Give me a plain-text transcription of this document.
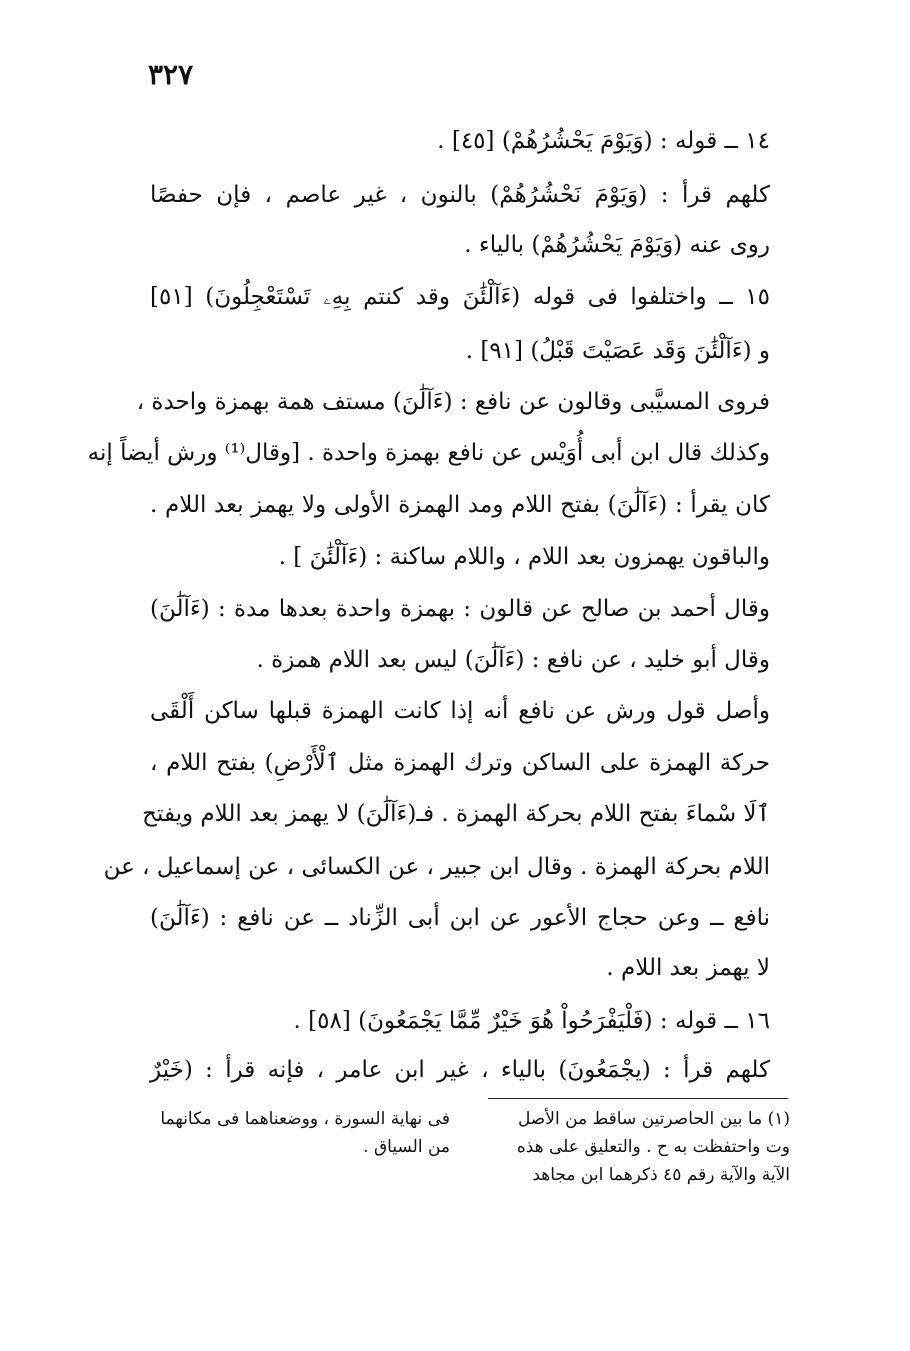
٣٢٧
١٤ ــ قوله : (وَيَوْمَ يَحْشُرُهُمْ) [٤٥] .
كلهم قرأ : (وَيَوْمَ نَحْشُرُهُمْ) بالنون ، غير عاصم ، فإن حفصًا
روى عنه (وَيَوْمَ يَحْشُرُهُمْ) بالياء .
١٥ ــ واختلفوا فى قوله (ءَآلْئَٰنَ وقد كنتم بِهِۦ تَسْتَعْجِلُونَ) [٥١]
و (ءَآلْئَٰنَ وَقَد عَصَيْتَ قَبْلُ) [٩١] .
فروى المسيَّبى وقالون عن نافع : (ءَآلَٰنَ) مستف همة بهمزة واحدة ،
وكذلك قال ابن أبى أُوَيْس عن نافع بهمزة واحدة . [وقال⁽¹⁾ ورش أيضاً إنه
كان يقرأ : (ءَآلَٰنَ) بفتح اللام ومد الهمزة الأولى ولا يهمز بعد اللام .
والباقون يهمزون بعد اللام ، واللام ساكنة : (ءَآلْئَٰنَ ] .
وقال أحمد بن صالح عن قالون : بهمزة واحدة بعدها مدة : (ءَآلَٰنَ)
وقال أبو خليد ، عن نافع : (ءَآلَٰنَ) ليس بعد اللام همزة .
وأصل قول ورش عن نافع أنه إذا كانت الهمزة قبلها ساكن أَلْقَى
حركة الهمزة على الساكن وترك الهمزة مثل ٱلْأَرْضِ) بفتح اللام ،
ٱلَا سْماءَ بفتح اللام بحركة الهمزة . فـ(ءَآلَٰنَ) لا يهمز بعد اللام ويفتح
اللام بحركة الهمزة . وقال ابن جبير ، عن الكسائى ، عن إسماعيل ، عن
نافع ــ وعن حجاج الأعور عن ابن أبى الزِّناد ــ عن نافع : (ءَآلَٰنَ)
لا يهمز بعد اللام .
١٦ ــ قوله : (فَلْيَفْرَحُواْ هُوَ خَيْرٌ مِّمَّا يَجْمَعُونَ) [٥٨] .
كلهم قرأ : (يجْمَعُونَ) بالياء ، غير ابن عامر ، فإنه قرأ : (خَيْرٌ
(١) ما بين الحاصرتين ساقط من الأصل
وت واحتفظت به ح . والتعليق على هذه
الآية والآية رقم ٤٥ ذكرهما ابن مجاهد
فى نهاية السورة ، ووضعناهما فى مكانهما
من السياق .
